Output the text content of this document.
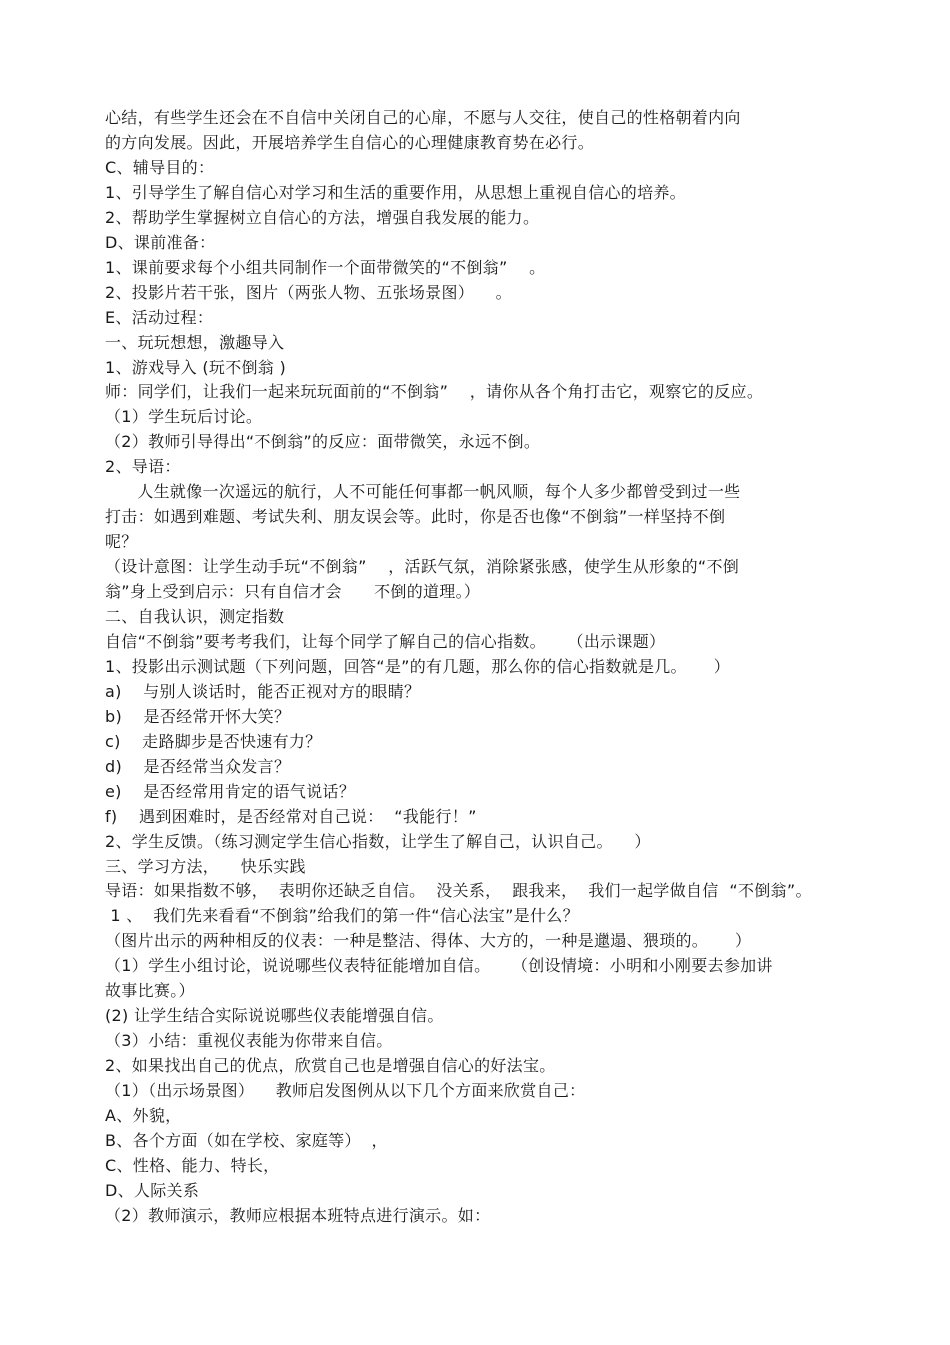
心结，有些学生还会在不自信中关闭自己的心扉，不愿与人交往，使自己的性格朝着内向
的方向发展。因此，开展培养学生自信心的心理健康教育势在必行。
C、辅导目的：
1、引导学生了解自信心对学习和生活的重要作用，从思想上重视自信心的培养。
2、帮助学生掌握树立自信心的方法，增强自我发展的能力。
D、课前准备：
1、课前要求每个小组共同制作一个面带微笑的“不倒翁”    。
2、投影片若干张，图片（两张人物、五张场景图）    。
E、活动过程：
一、玩玩想想，激趣导入
1、游戏导入 (玩不倒翁 )
师：同学们，让我们一起来玩玩面前的“不倒翁”    ，请你从各个角打击它，观察它的反应。
（1）学生玩后讨论。
（2）教师引导得出“不倒翁”的反应：面带微笑，永远不倒。
2、导语：
人生就像一次遥远的航行，人不可能任何事都一帆风顺，每个人多少都曾受到过一些
打击：如遇到难题、考试失利、朋友误会等。此时，你是否也像“不倒翁”一样坚持不倒
呢？
（设计意图：让学生动手玩“不倒翁”    ，活跃气氛，消除紧张感，使学生从形象的“不倒
翁”身上受到启示：只有自信才会      不倒的道理。）
二、自我认识，测定指数
自信“不倒翁”要考考我们，让每个同学了解自己的信心指数。    （出示课题）
1、投影出示测试题（下列问题，回答“是”的有几题，那么你的信心指数就是几。     ）
a)    与别人谈话时，能否正视对方的眼睛？
b)    是否经常开怀大笑？
c)    走路脚步是否快速有力？
d)    是否经常当众发言？
e)    是否经常用肯定的语气说话？
f)    遇到困难时，是否经常对自己说：  “我能行！”
2、学生反馈。（练习测定学生信心指数，让学生了解自己，认识自己。    ）
三、学习方法，    快乐实践
导语：如果指数不够，  表明你还缺乏自信。  没关系，  跟我来，  我们一起学做自信  “不倒翁”。
1 、  我们先来看看“不倒翁”给我们的第一件“信心法宝”是什么？
（图片出示的两种相反的仪表：一种是整洁、得体、大方的，一种是邋遢、猥琐的。     ）
（1）学生小组讨论，说说哪些仪表特征能增加自信。    （创设情境：小明和小刚要去参加讲
故事比赛。）
(2) 让学生结合实际说说哪些仪表能增强自信。
（3）小结：重视仪表能为你带来自信。
2、如果找出自己的优点，欣赏自己也是增强自信心的好法宝。
（1）（出示场景图）    教师启发图例从以下几个方面来欣赏自己：
A、外貌，
B、各个方面（如在学校、家庭等）  ，
C、性格、能力、特长，
D、人际关系
（2）教师演示，教师应根据本班特点进行演示。如：
